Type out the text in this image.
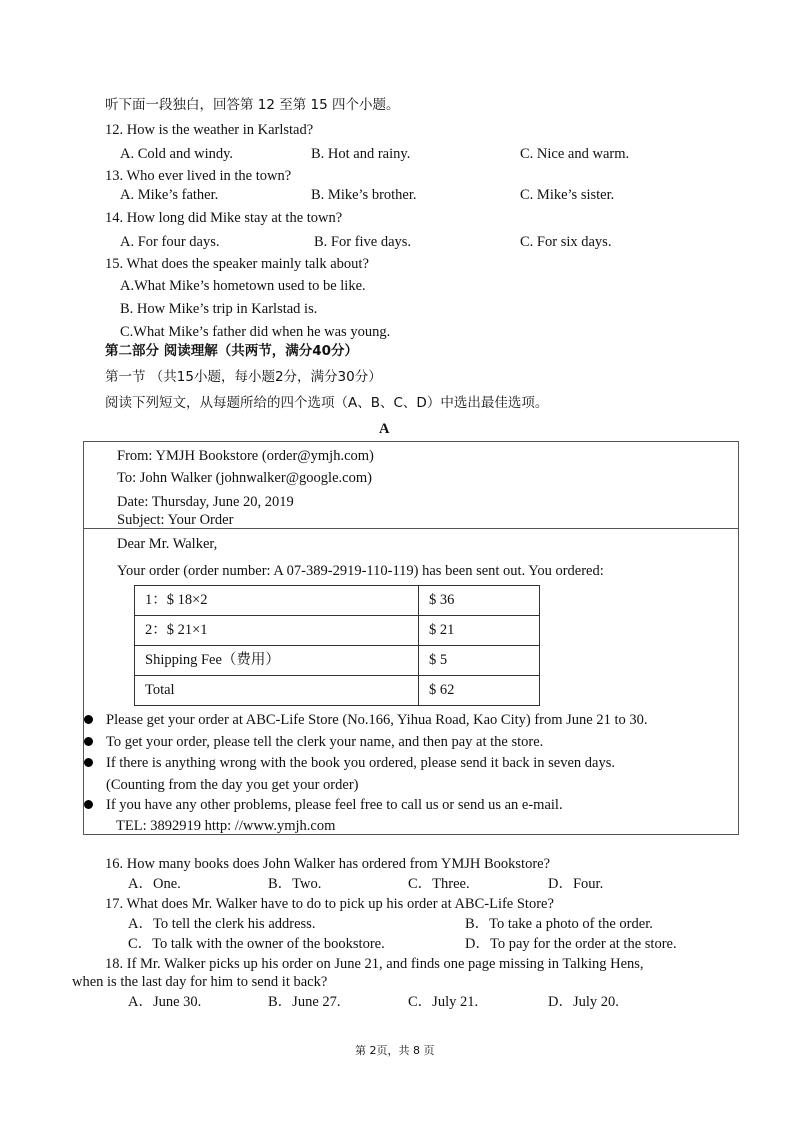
听下面一段独白，回答第 12 至第 15 四个小题。
12. How is the weather in Karlstad?
A. Cold and windy.	B. Hot and rainy.	C. Nice and warm.
13. Who ever lived in the town?
A. Mike’s father.	B. Mike’s brother.	C. Mike’s sister.
14. How long did Mike stay at the town?
A. For four days.	B. For five days.	C. For six days.
15. What does the speaker mainly talk about?
A.What Mike’s hometown used to be like.
B. How Mike’s trip in Karlstad is.
C.What Mike’s father did when he was young.
第二部分 阅读理解（共两节，满分40分）
第一节 （共15小题，每小题2分，满分30分）
阅读下列短文，从每题所给的四个选项（A、B、C、D）中选出最佳选项。
A
From: YMJH Bookstore (order@ymjh.com)
To: John Walker (johnwalker@google.com)
Date: Thursday, June 20, 2019
Subject: Your Order
Dear Mr. Walker,
Your order (order number: A 07-389-2919-110-119) has been sent out. You ordered:
1：$ 18×2	$ 36
2：$ 21×1	$ 21
Shipping Fee（费用）	$ 5
Total	$ 62
Please get your order at ABC-Life Store (No.166, Yihua Road, Kao City) from June 21 to 30.
To get your order, please tell the clerk your name, and then pay at the store.
If there is anything wrong with the book you ordered, please send it back in seven days.
(Counting from the day you get your order)
If you have any other problems, please feel free to call us or send us an e-mail.
TEL: 3892919 http: //www.ymjh.com
16. How many books does John Walker has ordered from YMJH Bookstore?
A．One.	B．Two.	C．Three.	D．Four.
17. What does Mr. Walker have to do to pick up his order at ABC-Life Store?
A．To tell the clerk his address.	B．To take a photo of the order.
C．To talk with the owner of the bookstore.	D．To pay for the order at the store.
18. If Mr. Walker picks up his order on June 21, and finds one page missing in Talking Hens,
when is the last day for him to send it back?
A．June 30.	B．June 27.	C．July 21.	D．July 20.
第 2页，共 8 页
